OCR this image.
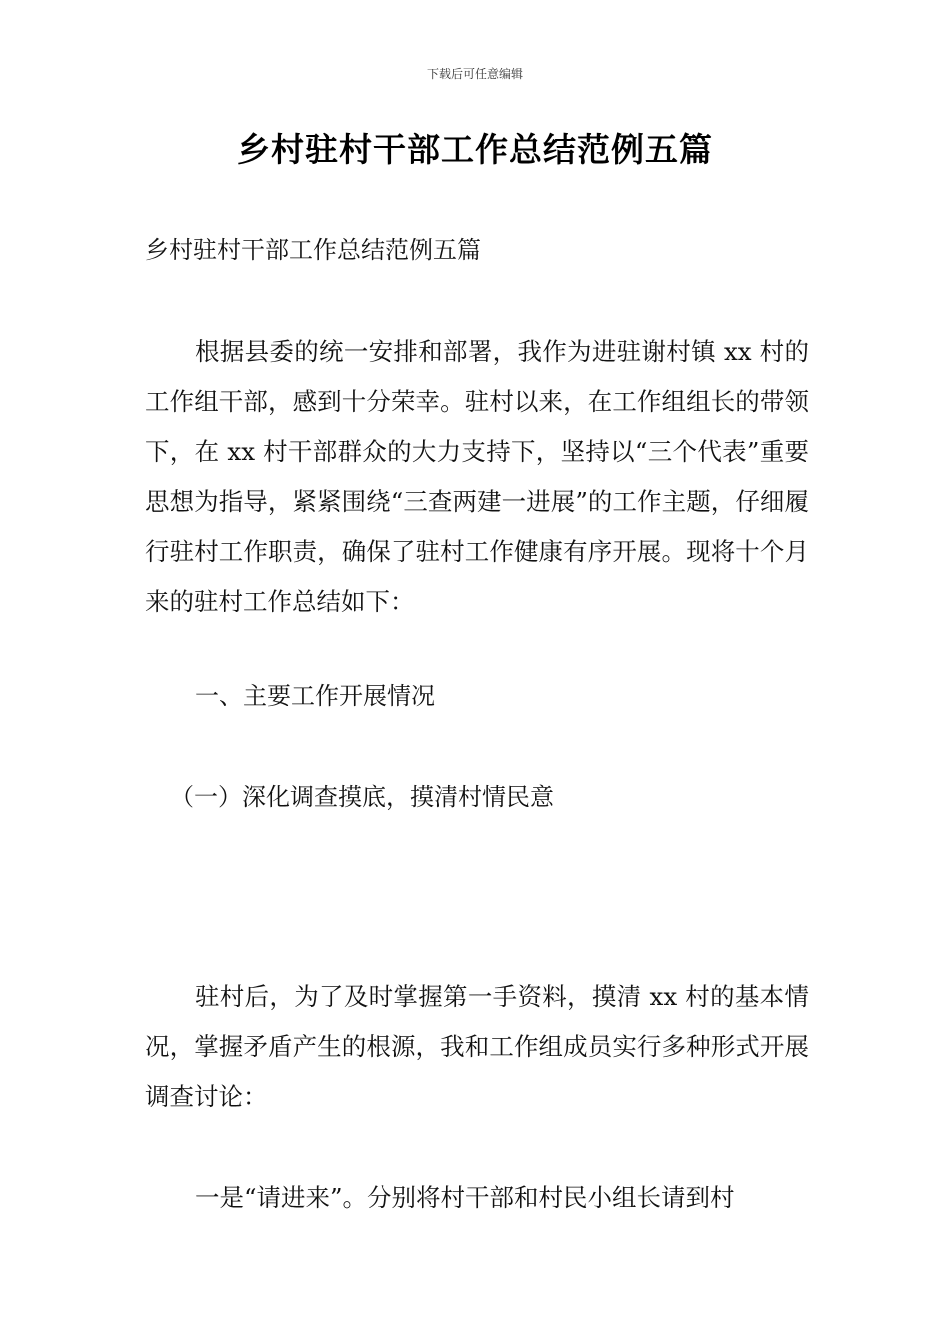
下载后可任意编辑
乡村驻村干部工作总结范例五篇
乡村驻村干部工作总结范例五篇

根据县委的统一安排和部署，我作为进驻谢村镇 xx 村的工作组干部，感到十分荣幸。驻村以来，在工作组组长的带领下，在 xx 村干部群众的大力支持下，坚持以“三个代表”重要思想为指导，紧紧围绕“三查两建一进展”的工作主题，仔细履行驻村工作职责，确保了驻村工作健康有序开展。现将十个月来的驻村工作总结如下：

一、主要工作开展情况
（一）深化调查摸底，摸清村情民意

驻村后，为了及时掌握第一手资料，摸清 xx 村的基本情况，掌握矛盾产生的根源，我和工作组成员实行多种形式开展调查讨论：

一是“请进来”。分别将村干部和村民小组长请到村
